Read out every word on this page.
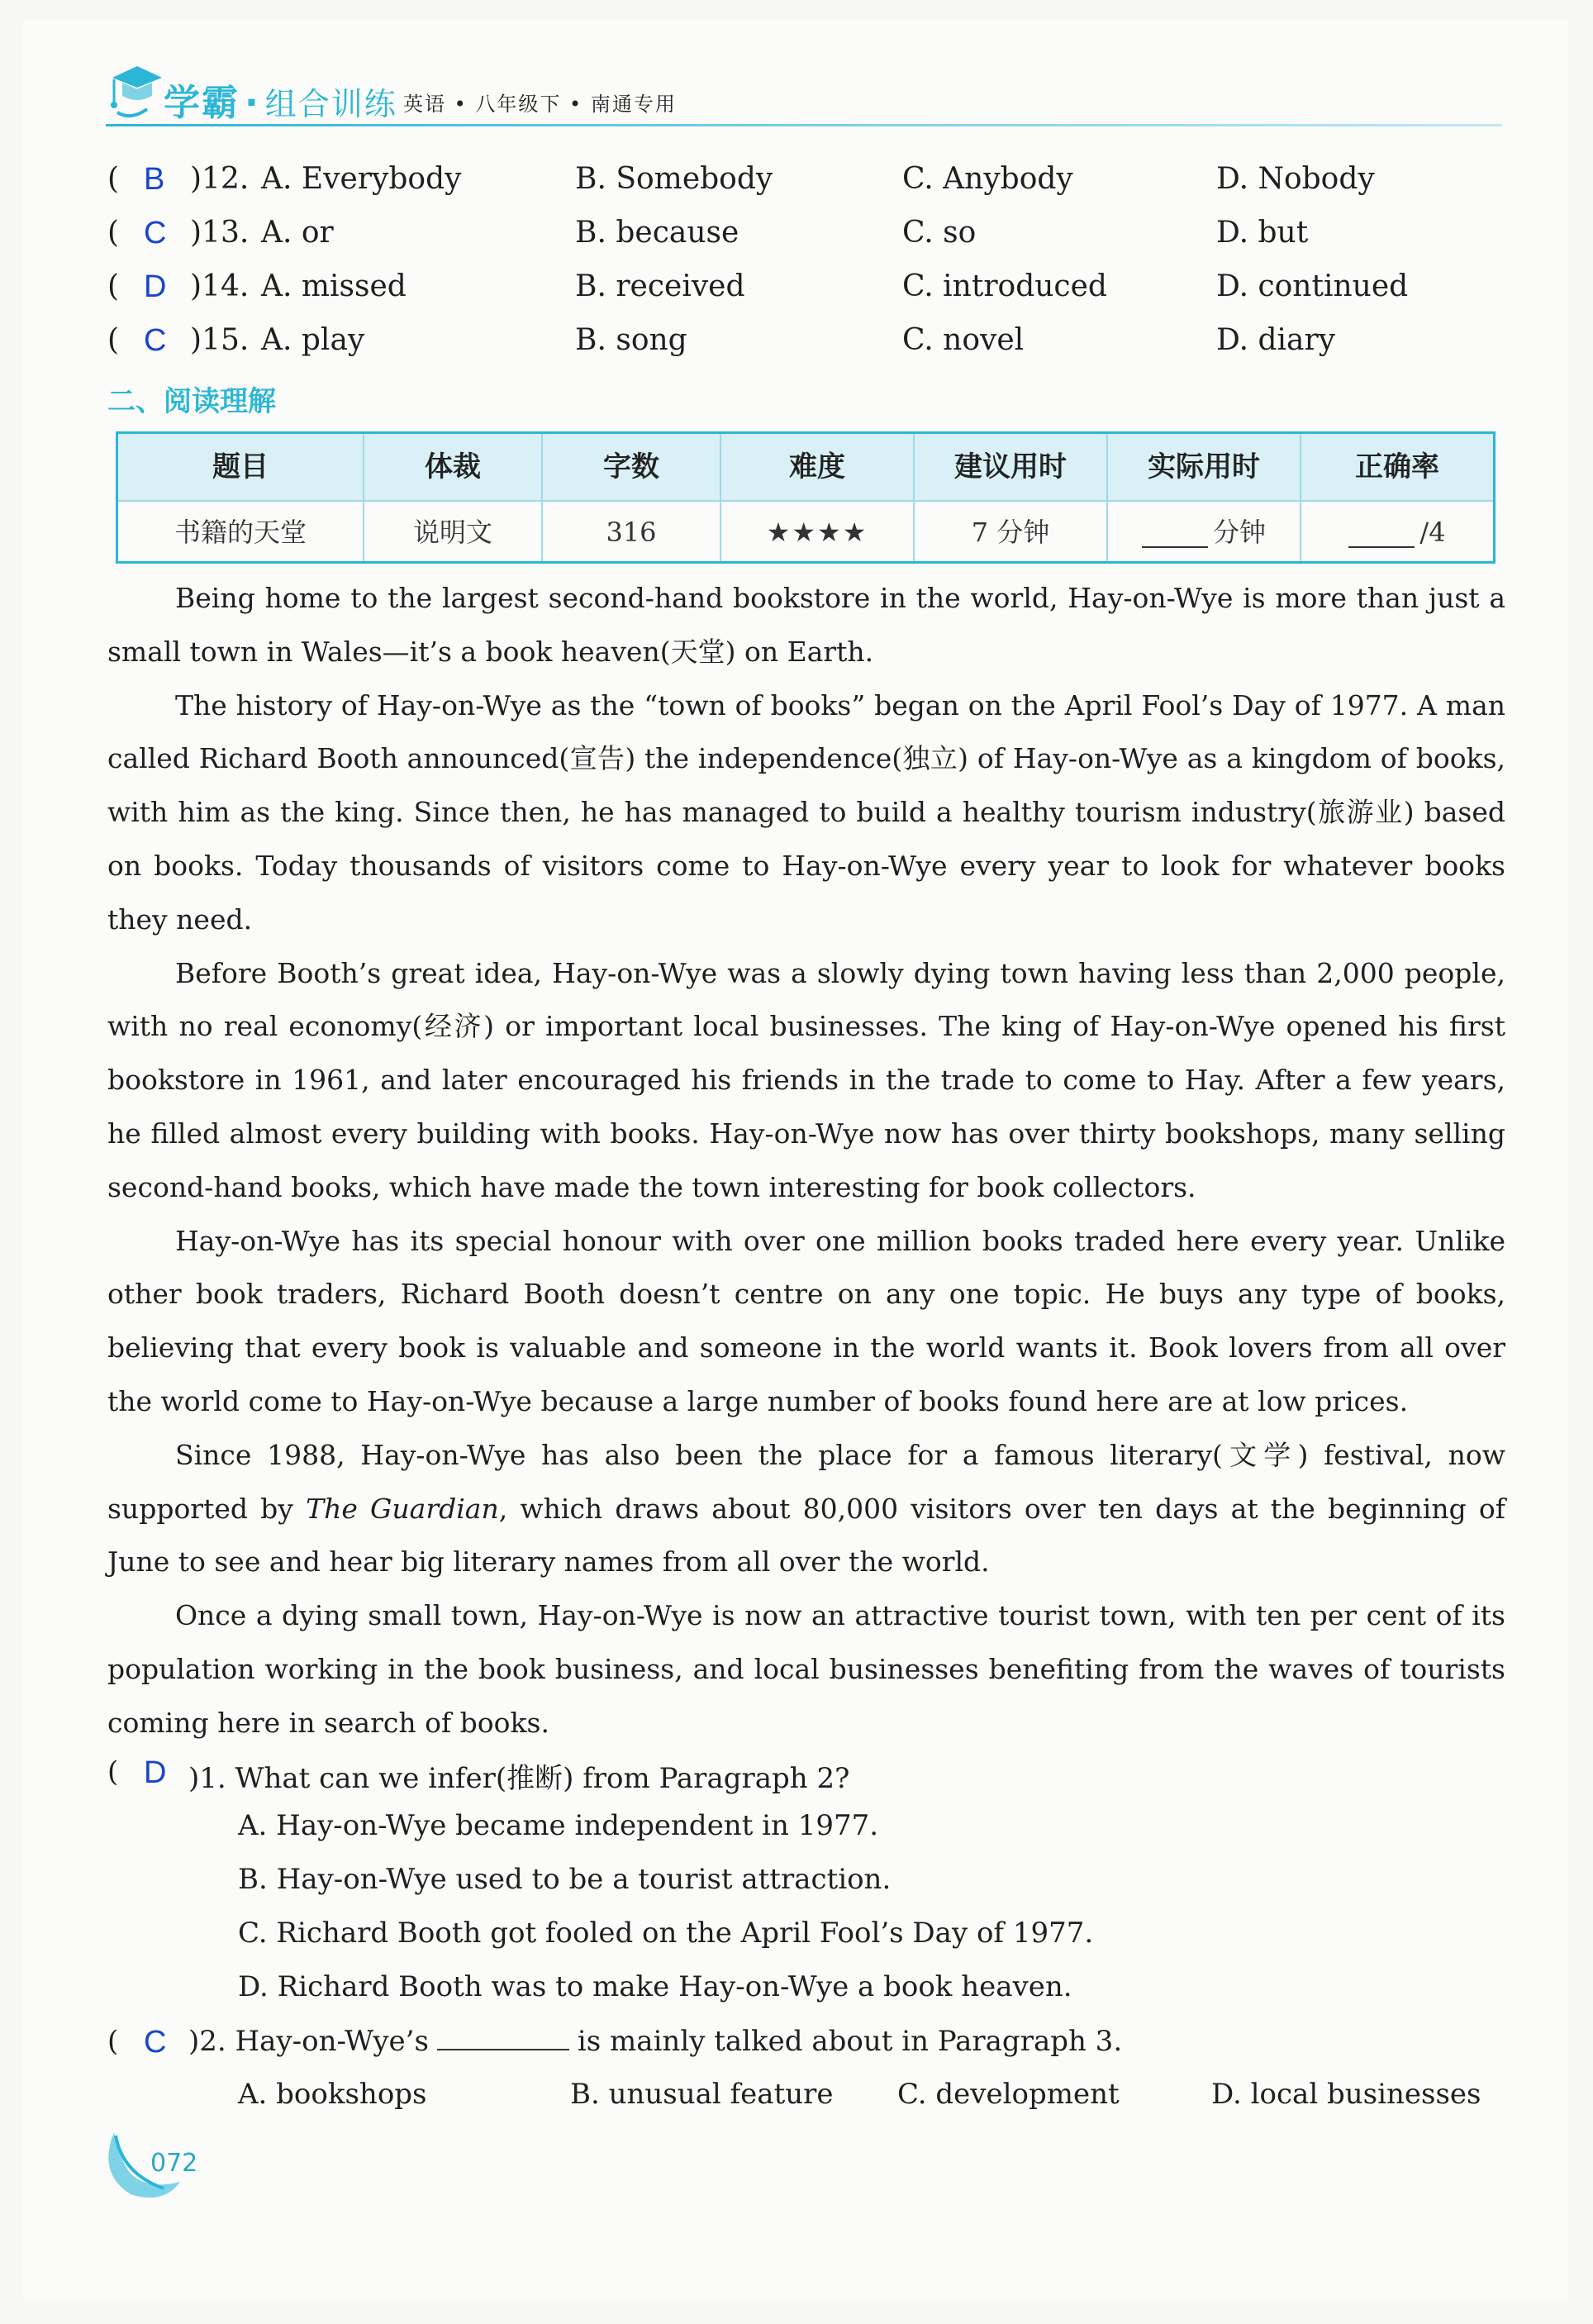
学霸 · 组合训练 英语 • 八年级下 • 南通专用
( B )12. A. Everybody	B. Somebody	C. Anybody	D. Nobody
( C )13. A. or	B. because	C. so	D. but
( D )14. A. missed	B. received	C. introduced	D. continued
( C )15. A. play	B. song	C. novel	D. diary
二、阅读理解
题目	体裁	字数	难度	建议用时	实际用时	正确率
书籍的天堂	说明文	316	★★★★	7 分钟	分钟	/4

Being home to the largest second-hand bookstore in the world, Hay-on-Wye is more than just a small town in Wales—it’s a book heaven(天堂) on Earth.

The history of Hay-on-Wye as the “town of books” began on the April Fool’s Day of 1977. A man called Richard Booth announced(宣告) the independence(独立) of Hay-on-Wye as a kingdom of books, with him as the king. Since then, he has managed to build a healthy tourism industry(旅游业) based on books. Today thousands of visitors come to Hay-on-Wye every year to look for whatever books they need.

Before Booth’s great idea, Hay-on-Wye was a slowly dying town having less than 2,000 people, with no real economy(经济) or important local businesses. The king of Hay-on-Wye opened his first bookstore in 1961, and later encouraged his friends in the trade to come to Hay. After a few years, he filled almost every building with books. Hay-on-Wye now has over thirty bookshops, many selling second-hand books, which have made the town interesting for book collectors.

Hay-on-Wye has its special honour with over one million books traded here every year. Unlike other book traders, Richard Booth doesn’t centre on any one topic. He buys any type of books, believing that every book is valuable and someone in the world wants it. Book lovers from all over the world come to Hay-on-Wye because a large number of books found here are at low prices.

Since 1988, Hay-on-Wye has also been the place for a famous literary(文学) festival, now supported by The Guardian, which draws about 80,000 visitors over ten days at the beginning of June to see and hear big literary names from all over the world.

Once a dying small town, Hay-on-Wye is now an attractive tourist town, with ten per cent of its population working in the book business, and local businesses benefiting from the waves of tourists coming here in search of books.

( D )1. What can we infer(推断) from Paragraph 2?
A. Hay-on-Wye became independent in 1977.
B. Hay-on-Wye used to be a tourist attraction.
C. Richard Booth got fooled on the April Fool’s Day of 1977.
D. Richard Booth was to make Hay-on-Wye a book heaven.
( C )2. Hay-on-Wye’s	is mainly talked about in Paragraph 3.
A. bookshops	B. unusual feature C. development	D. local businesses
072
